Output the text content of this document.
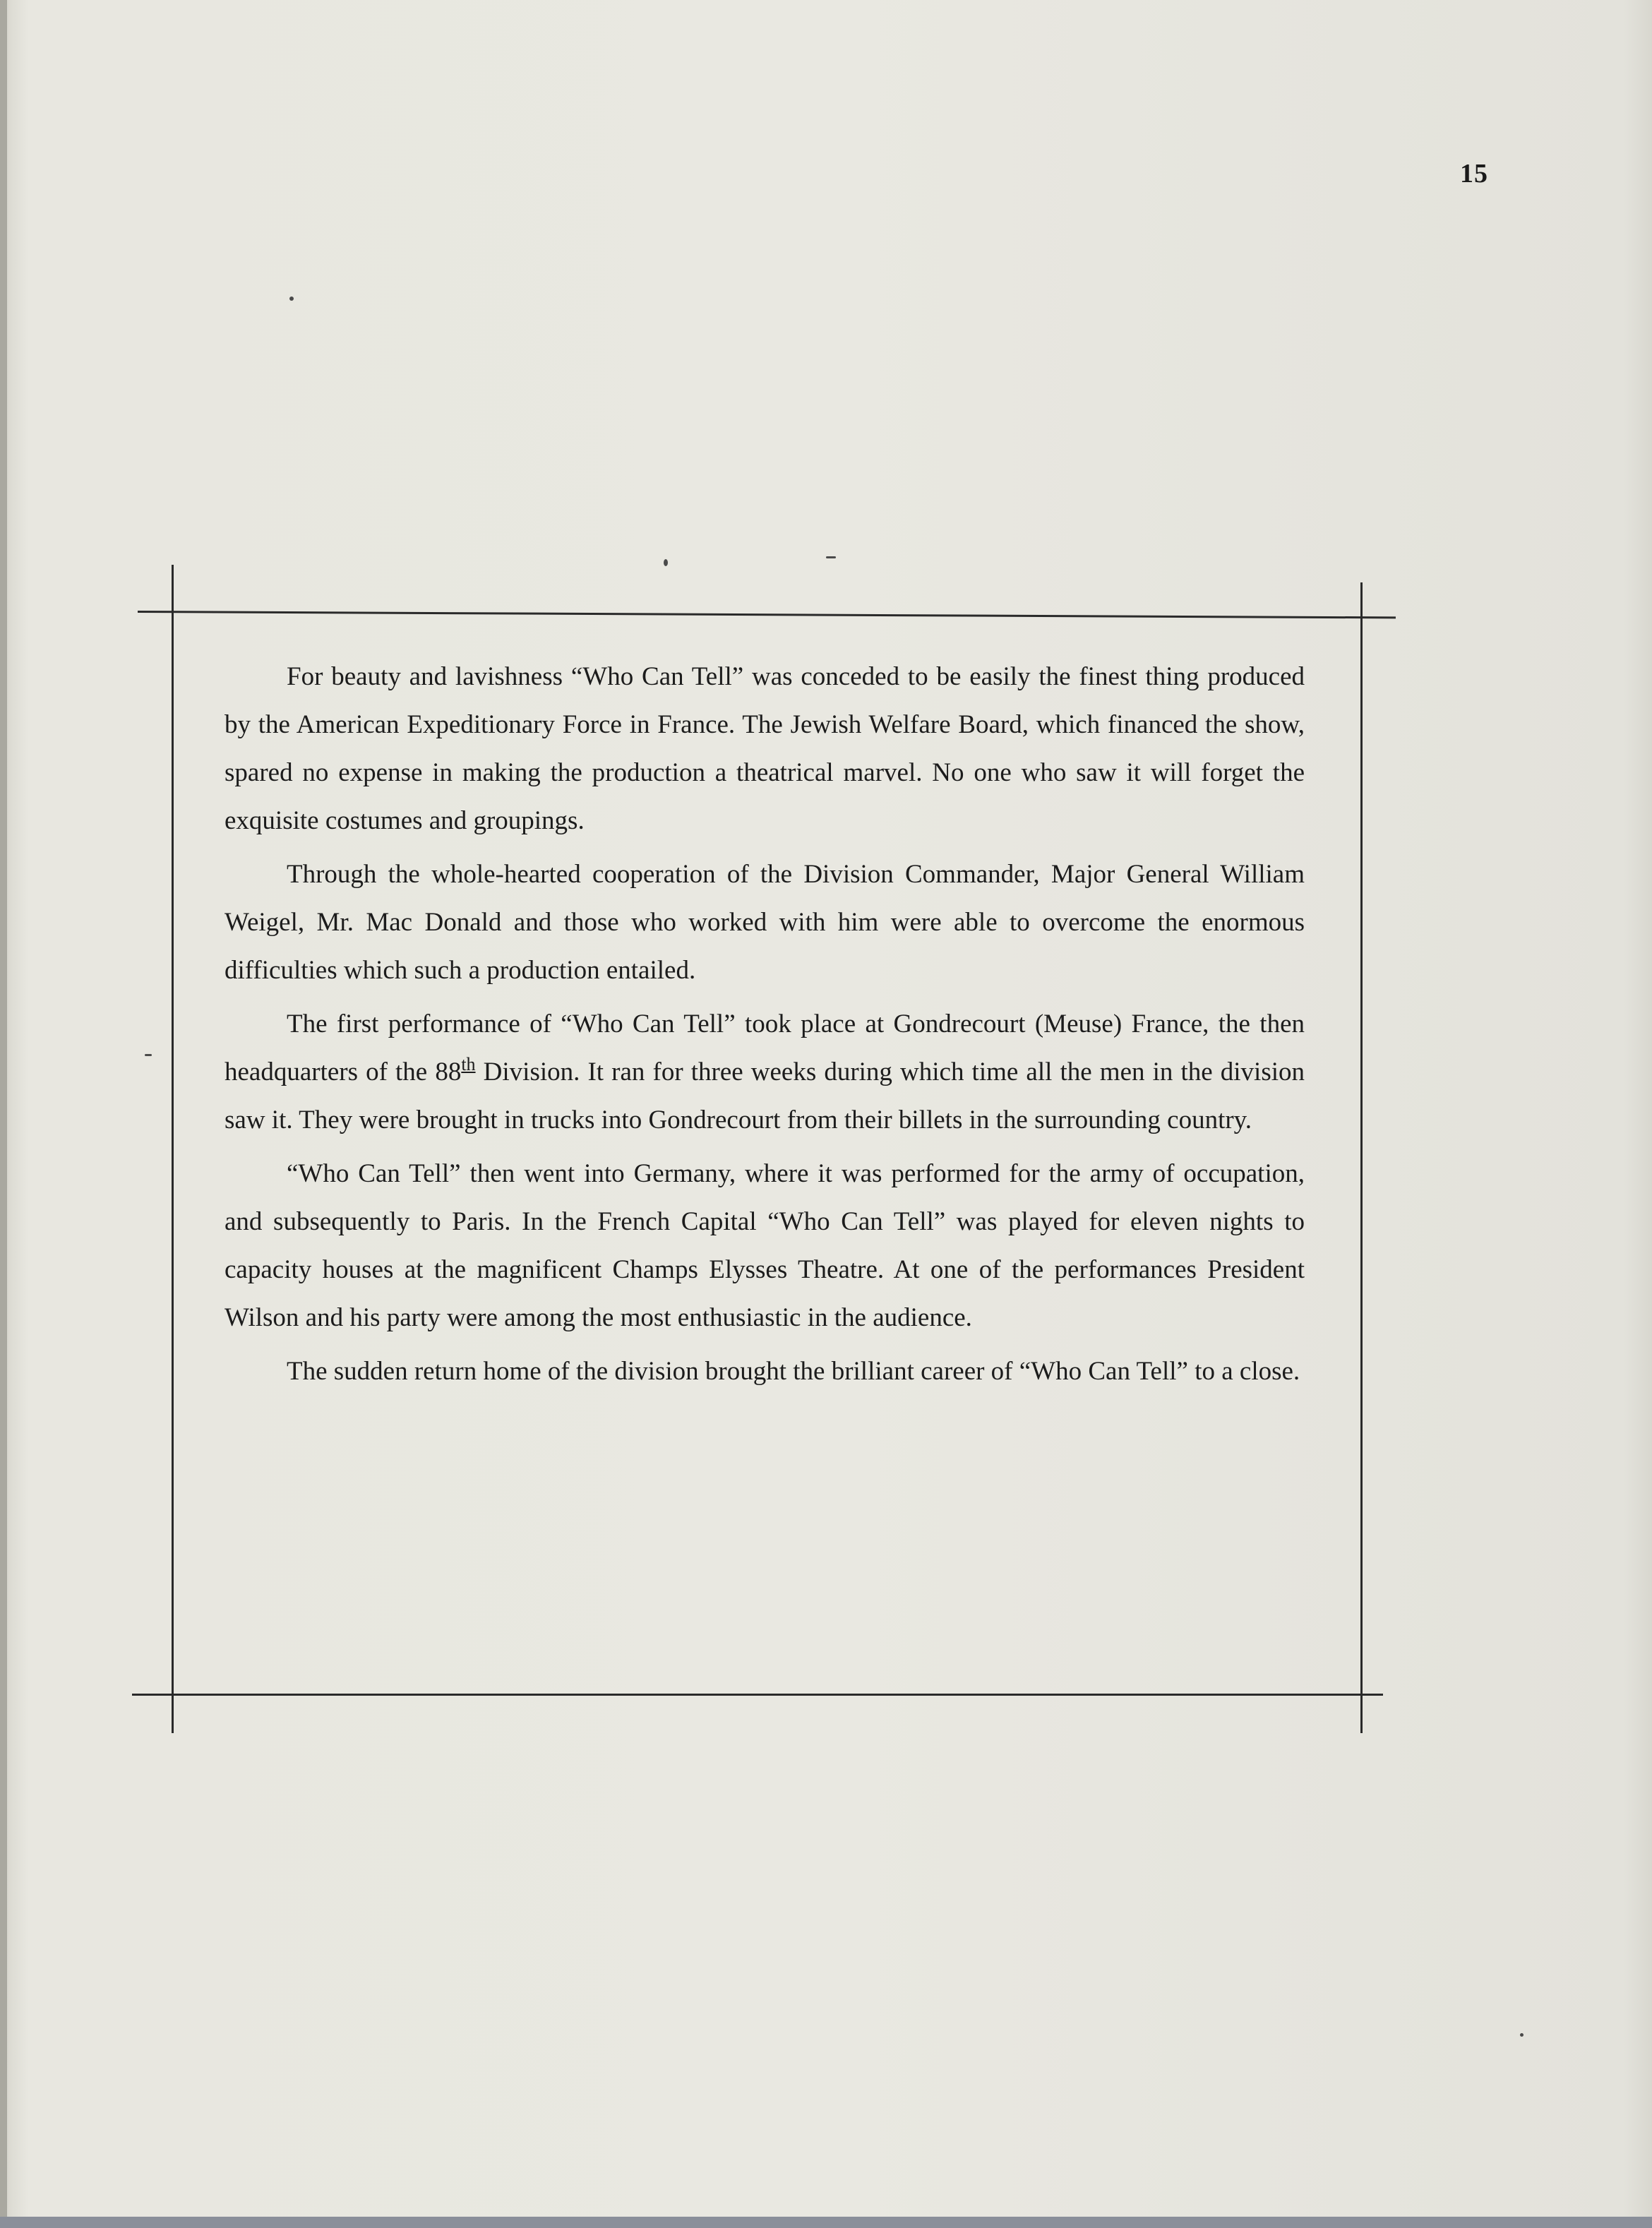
15

For beauty and lavishness “Who Can Tell” was conceded to be easily the finest thing produced by the American Expeditionary Force in France. The Jewish Welfare Board, which financed the show, spared no expense in making the production a theatrical marvel. No one who saw it will forget the exquisite costumes and groupings.

Through the whole-hearted cooperation of the Division Commander, Major General William Weigel, Mr. Mac Donald and those who worked with him were able to overcome the enormous difficulties which such a production entailed.

The first performance of “Who Can Tell” took place at Gondrecourt (Meuse) France, the then headquarters of the 88th Division. It ran for three weeks during which time all the men in the division saw it. They were brought in trucks into Gondrecourt from their billets in the surrounding country.

“Who Can Tell” then went into Germany, where it was performed for the army of occupation, and subsequently to Paris. In the French Capital “Who Can Tell” was played for eleven nights to capacity houses at the magnificent Champs Elysses Theatre. At one of the performances President Wilson and his party were among the most enthusiastic in the audience.

The sudden return home of the division brought the brilliant career of “Who Can Tell” to a close.
